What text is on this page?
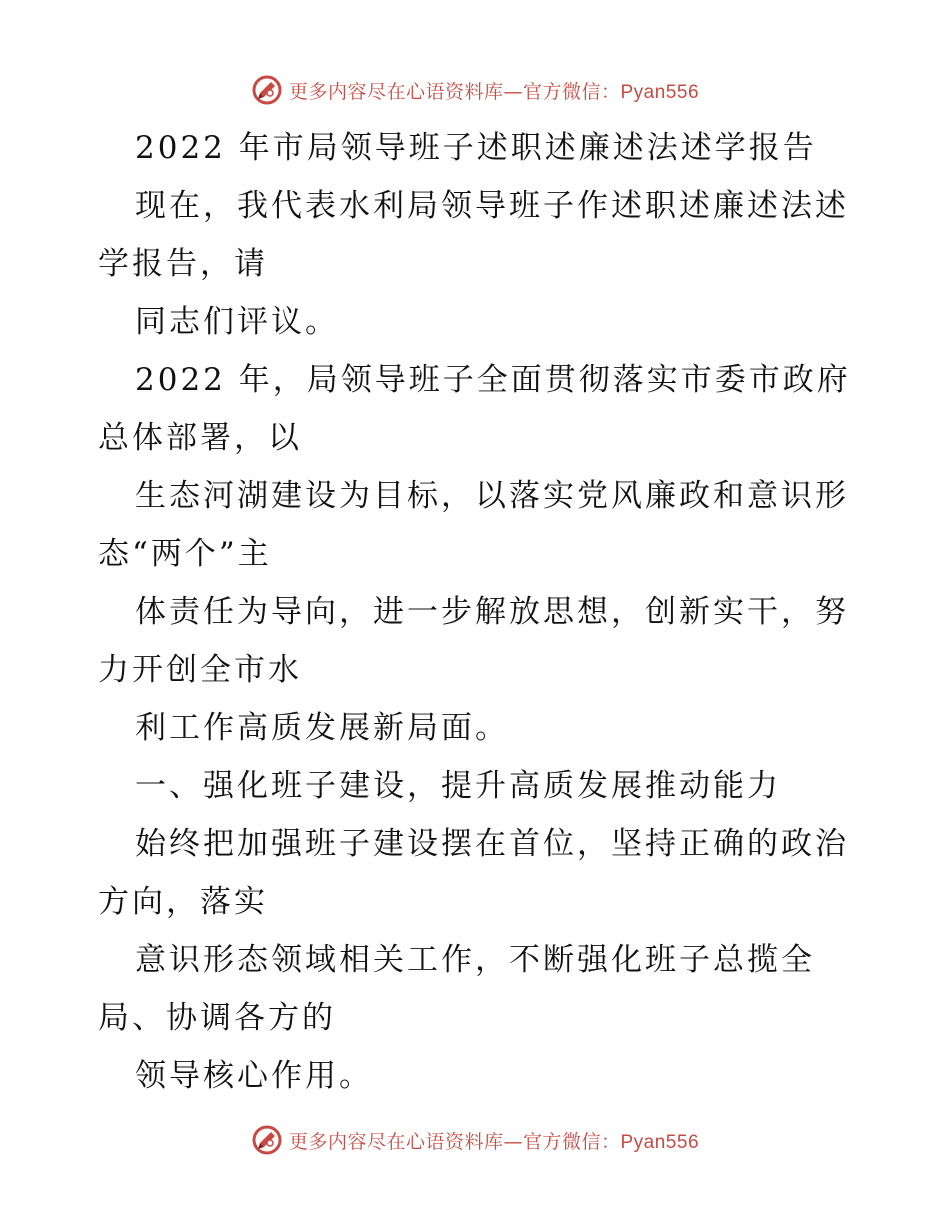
更多内容尽在心语资料库—官方微信：Pyan556
2022 年市局领导班子述职述廉述法述学报告
现在，我代表水利局领导班子作述职述廉述法述
学报告，请
同志们评议。
2022 年，局领导班子全面贯彻落实市委市政府
总体部署，以
生态河湖建设为目标，以落实党风廉政和意识形
态“两个”主
体责任为导向，进一步解放思想，创新实干，努
力开创全市水
利工作高质发展新局面。
一、强化班子建设，提升高质发展推动能力
始终把加强班子建设摆在首位，坚持正确的政治
方向，落实
意识形态领域相关工作，不断强化班子总揽全
局、协调各方的
领导核心作用。
更多内容尽在心语资料库—官方微信：Pyan556
